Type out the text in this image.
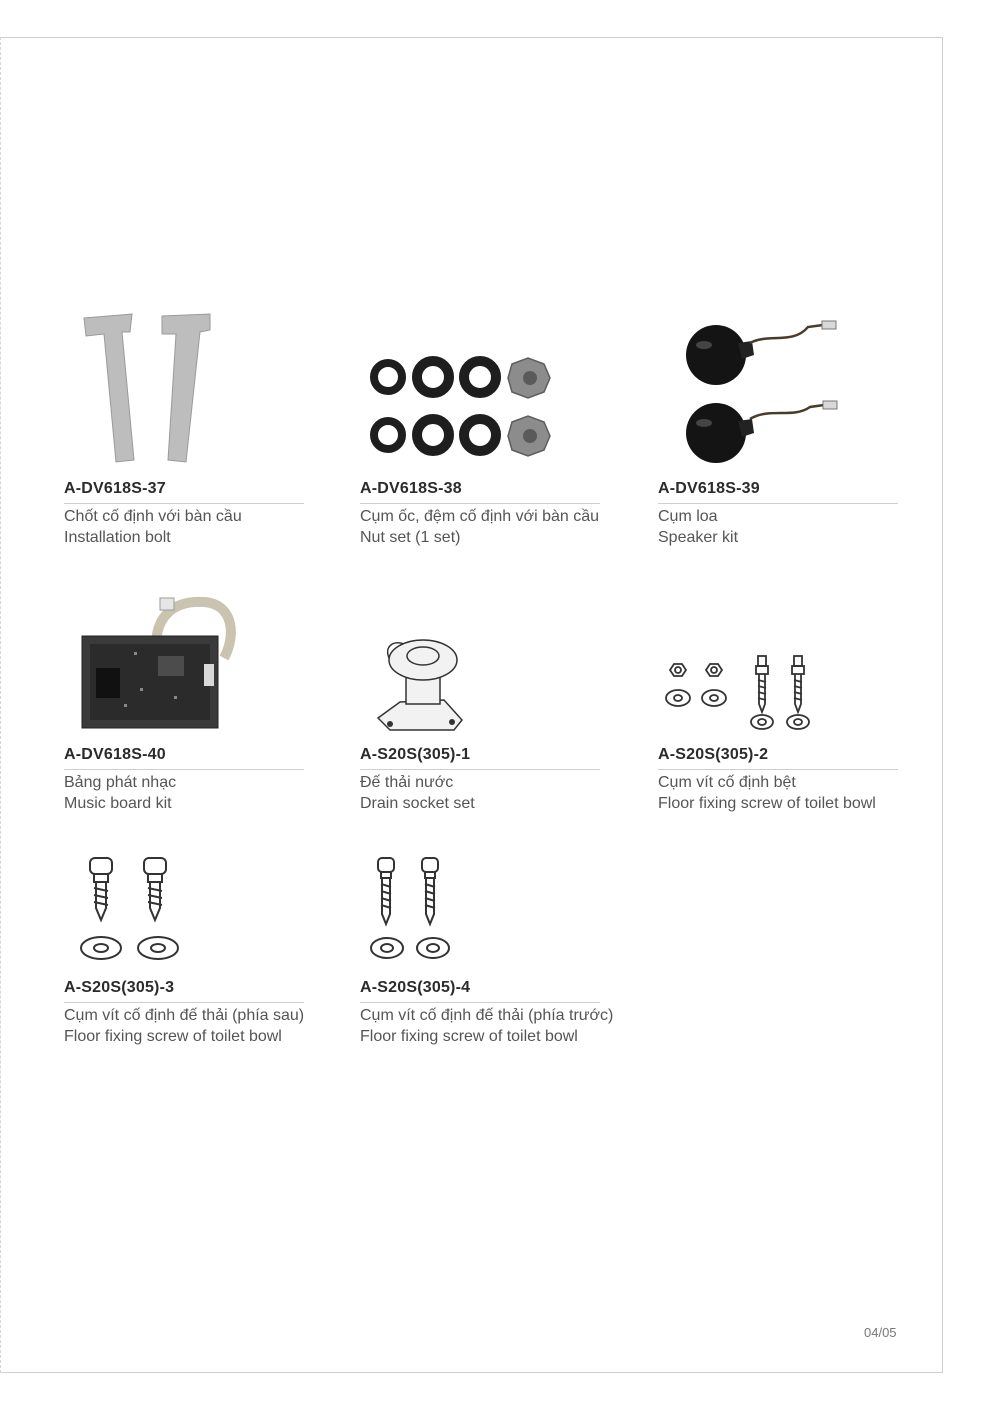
A-DV618S-37
Chốt cố định với bàn cầu
Installation bolt
A-DV618S-38
Cụm ốc, đệm cố định với bàn cầu
Nut set (1 set)
A-DV618S-39
Cụm loa
Speaker kit
A-DV618S-40
Bảng phát nhạc
Music board kit
A-S20S(305)-1
Đế thải nước
Drain socket set
A-S20S(305)-2
Cụm vít cố định bệt
Floor fixing screw of toilet bowl
A-S20S(305)-3
Cụm vít cố định đế thải (phía sau)
Floor fixing screw of toilet bowl
A-S20S(305)-4
Cụm vít cố định đế thải (phía trước)
Floor fixing screw of toilet bowl
04/05
